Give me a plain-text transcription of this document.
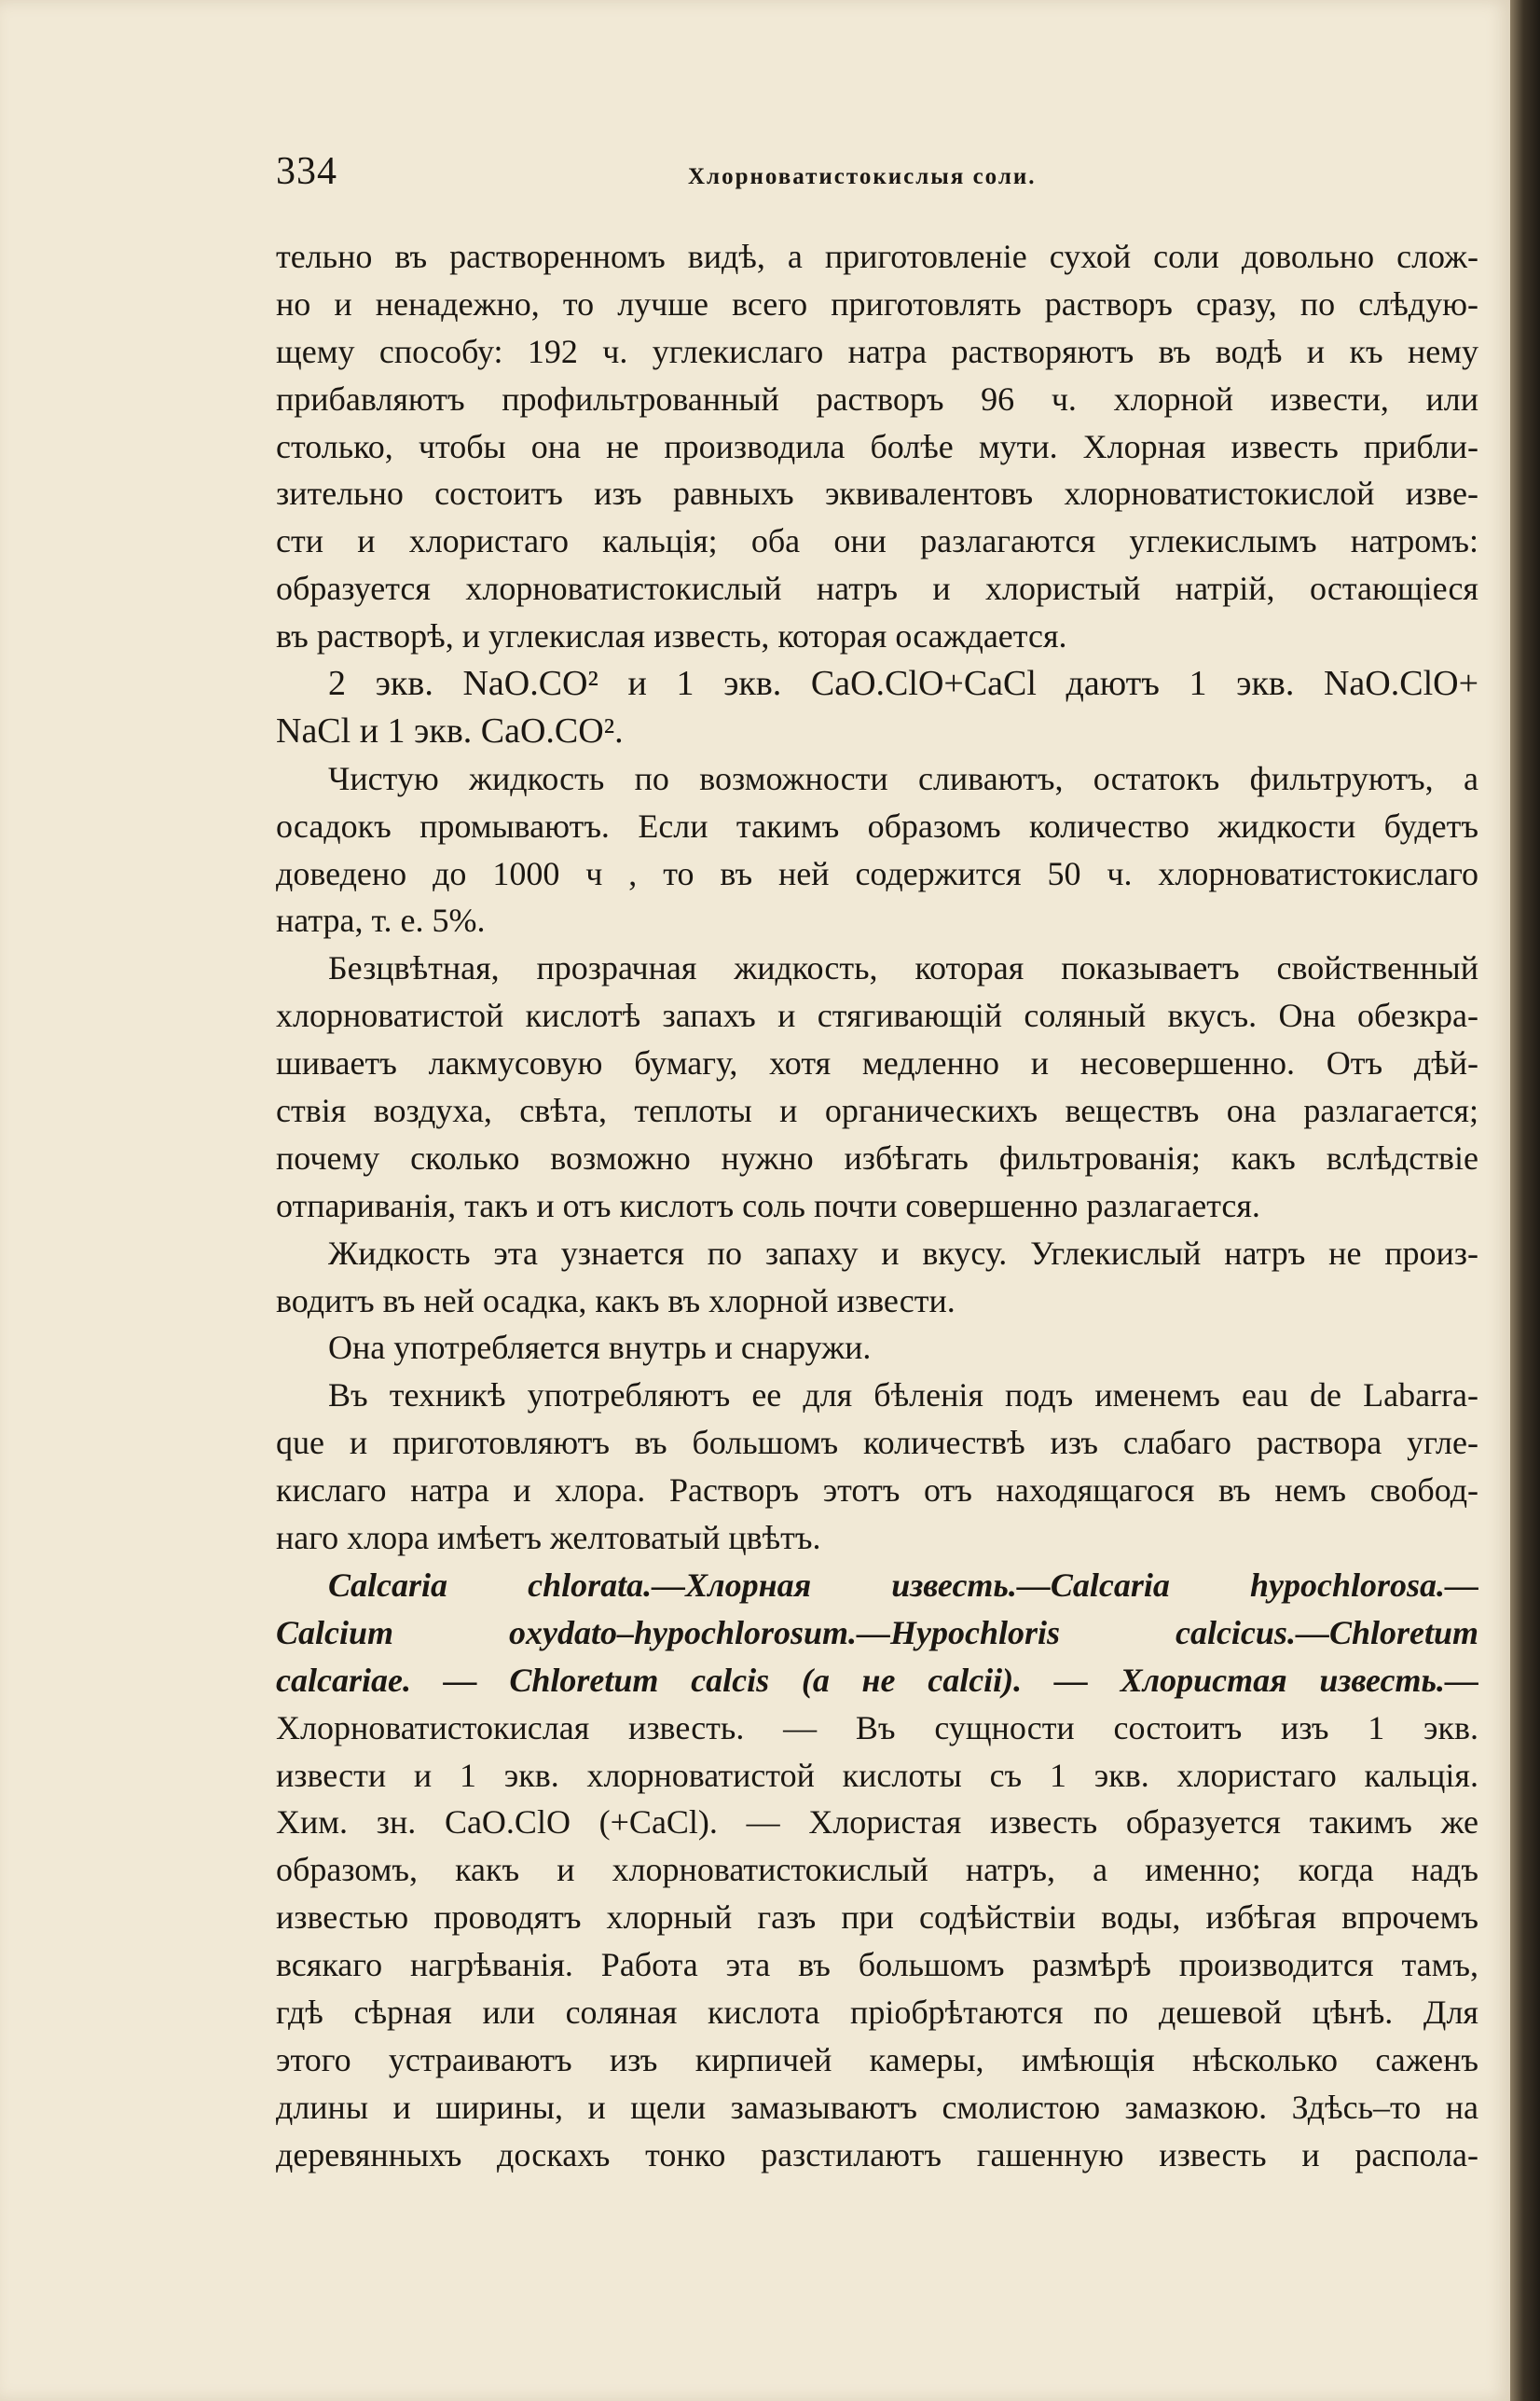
334	Хлорноватистокислыя соли.
тельно въ растворенномъ видѣ, а приготовленіе сухой соли довольно слож-
но и ненадежно, то лучше всего приготовлять растворъ сразу, по слѣдую-
щему способу: 192 ч. углекислаго натра растворяютъ въ водѣ и къ нему
прибавляютъ профильтрованный растворъ 96 ч. хлорной извести, или
столько, чтобы она не производила болѣе мути. Хлорная известь прибли-
зительно состоитъ изъ равныхъ эквивалентовъ хлорноватистокислой изве-
сти и хлористаго кальція; оба они разлагаются углекислымъ натромъ:
образуется хлорноватистокислый натръ и хлористый натрій, остающіеся
въ растворѣ, и углекислая известь, которая осаждается.
2 экв. NaO.CO² и 1 экв. CaO.ClO+CaCl даютъ 1 экв. NaO.ClO+
NaCl и 1 экв. CaO.CO².
Чистую жидкость по возможности сливаютъ, остатокъ фильтруютъ, а
осадокъ промываютъ. Если такимъ образомъ количество жидкости будетъ
доведено до 1000 ч , то въ ней содержится 50 ч. хлорноватистокислаго
натра, т. е. 5%.
Безцвѣтная, прозрачная жидкость, которая показываетъ свойственный
хлорноватистой кислотѣ запахъ и стягивающій соляный вкусъ. Она обезкра-
шиваетъ лакмусовую бумагу, хотя медленно и несовершенно. Отъ дѣй-
ствія воздуха, свѣта, теплоты и органическихъ веществъ она разлагается;
почему сколько возможно нужно избѣгать фильтрованія; какъ вслѣдствіе
отпариванія, такъ и отъ кислотъ соль почти совершенно разлагается.
Жидкость эта узнается по запаху и вкусу. Углекислый натръ не произ-
водитъ въ ней осадка, какъ въ хлорной извести.
Она употребляется внутрь и снаружи.
Въ техникѣ употребляютъ ее для бѣленія подъ именемъ eau de Labarra-
que и приготовляютъ въ большомъ количествѣ изъ слабаго раствора угле-
кислаго натра и хлора. Растворъ этотъ отъ находящагося въ немъ свобод-
наго хлора имѣетъ желтоватый цвѣтъ.
Calcaria chlorata.—Хлорная известь.—Calcaria hypochlorosa.—
Calcium oxydato–hypochlorosum.—Hypochloris calcicus.—Chloretum
calcariae. — Chloretum calcis (а не calcii). — Хлористая известь.—
Хлорноватистокислая известь. — Въ сущности состоитъ изъ 1 экв.
извести и 1 экв. хлорноватистой кислоты съ 1 экв. хлористаго кальція.
Хим. зн. CaO.ClO (+CaCl). — Хлористая известь образуется такимъ же
образомъ, какъ и хлорноватистокислый натръ, а именно; когда надъ
известью проводятъ хлорный газъ при содѣйствіи воды, избѣгая впрочемъ
всякаго нагрѣванія. Работа эта въ большомъ размѣрѣ производится тамъ,
гдѣ сѣрная или соляная кислота пріобрѣтаются по дешевой цѣнѣ. Для
этого устраиваютъ изъ кирпичей камеры, имѣющія нѣсколько саженъ
длины и ширины, и щели замазываютъ смолистою замазкою. Здѣсь–то на
деревянныхъ доскахъ тонко разстилаютъ гашенную известь и распола-
